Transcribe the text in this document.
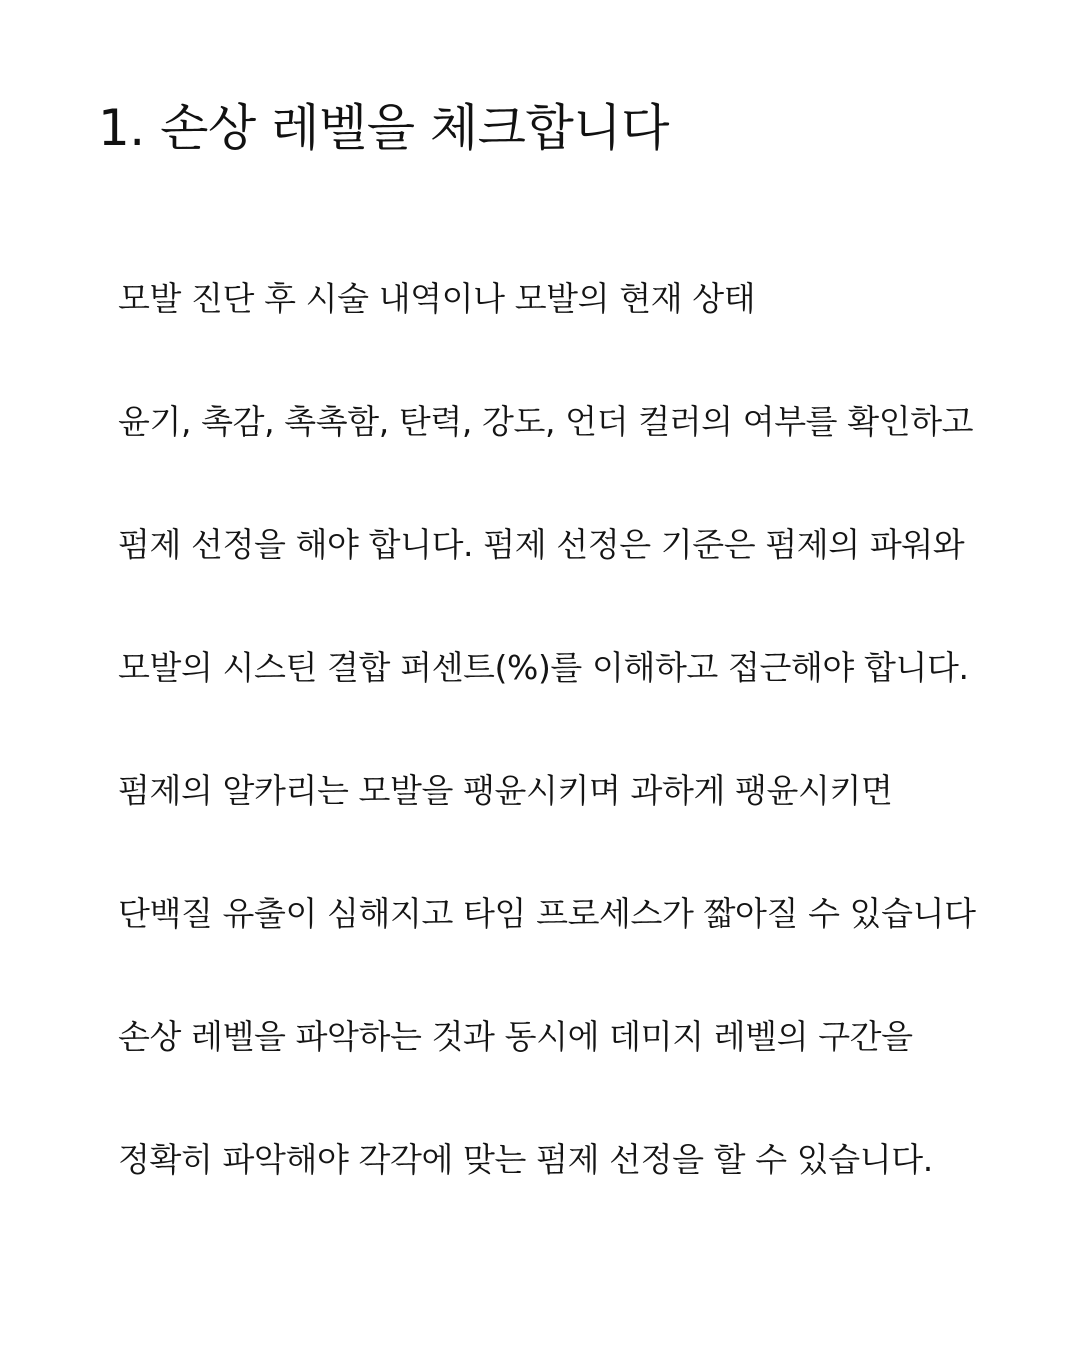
1. 손상 레벨을 체크합니다
모발 진단 후 시술 내역이나 모발의 현재 상태
윤기, 촉감, 촉촉함, 탄력, 강도, 언더 컬러의 여부를 확인하고
펌제 선정을 해야 합니다. 펌제 선정은 기준은 펌제의 파워와
모발의 시스틴 결합 퍼센트(%)를 이해하고 접근해야 합니다.
펌제의 알카리는 모발을 팽윤시키며 과하게 팽윤시키면
단백질 유출이 심해지고 타임 프로세스가 짧아질 수 있습니다
손상 레벨을 파악하는 것과 동시에 데미지 레벨의 구간을
정확히 파악해야 각각에 맞는 펌제 선정을 할 수 있습니다.
